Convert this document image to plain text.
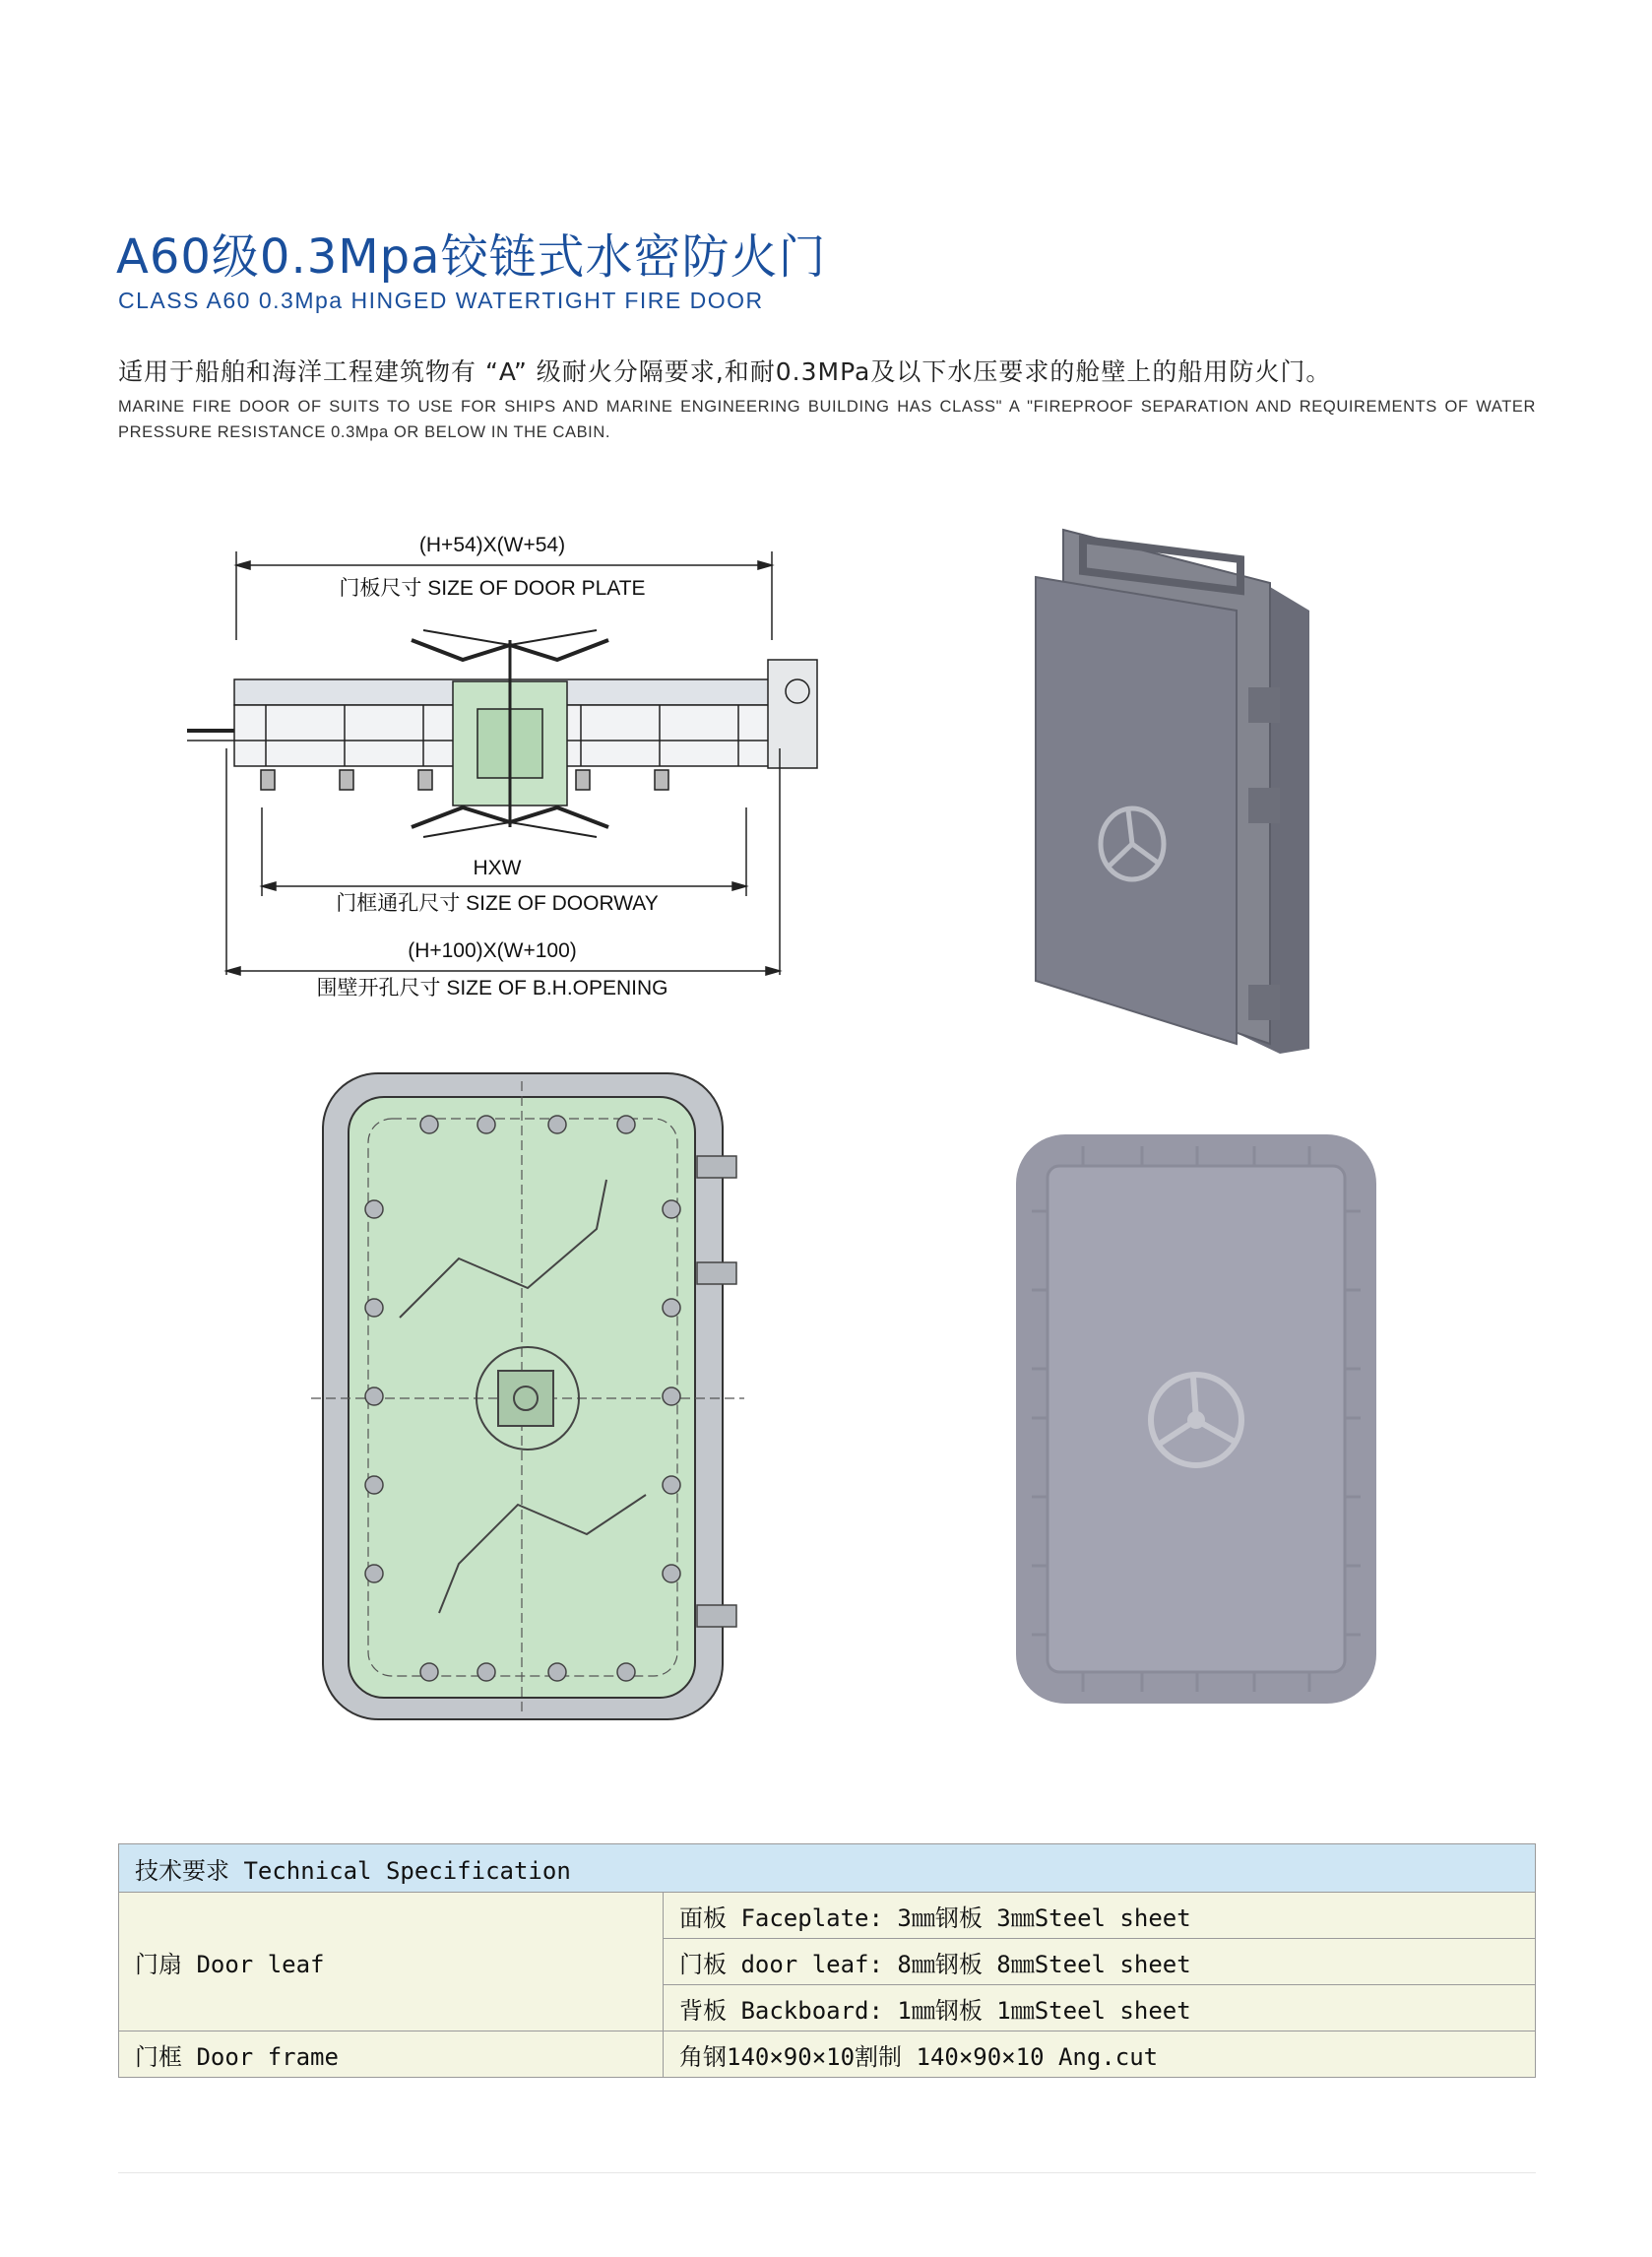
A60级0.3Mpa铰链式水密防火门
CLASS A60 0.3Mpa HINGED WATERTIGHT FIRE DOOR
适用于船舶和海洋工程建筑物有 “A” 级耐火分隔要求,和耐0.3MPa及以下水压要求的舱壁上的船用防火门。
MARINE FIRE DOOR OF SUITS TO USE FOR SHIPS AND MARINE ENGINEERING BUILDING HAS CLASS" A "FIREPROOF SEPARATION AND REQUIREMENTS OF WATER PRESSURE RESISTANCE 0.3Mpa OR BELOW IN THE CABIN.
(H+54)X(W+54)
门板尺寸 SIZE OF DOOR PLATE
HXW
门框通孔尺寸 SIZE OF DOORWAY
(H+100)X(W+100)
围壁开孔尺寸 SIZE OF B.H.OPENING
技术要求 Technical Specification	
门扇 Door leaf	面板 Faceplate: 3㎜钢板 3㎜Steel sheet
	门板 door leaf: 8㎜钢板 8㎜Steel sheet
	背板 Backboard: 1㎜钢板 1㎜Steel sheet
门框 Door frame	角钢140×90×10割制 140×90×10 Ang.cut
